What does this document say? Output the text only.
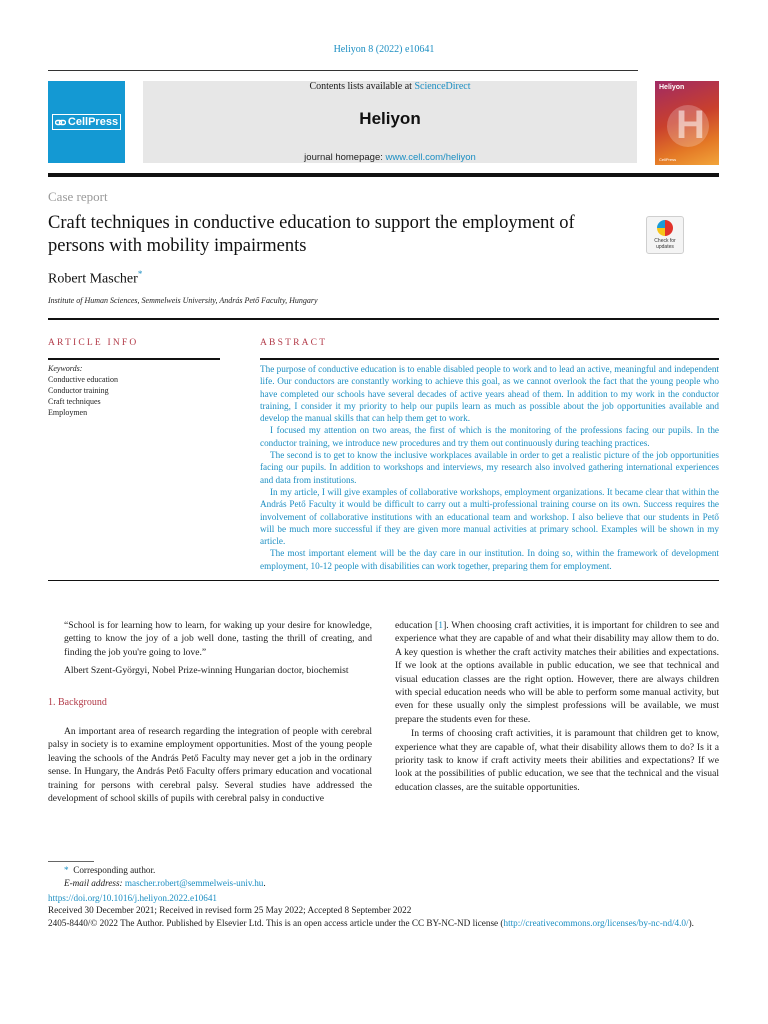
Heliyon 8 (2022) e10641
CellPress
Contents lists available at ScienceDirect
Heliyon
journal homepage: www.cell.com/heliyon
Heliyon
H
CellPress
Case report
Craft techniques in conductive education to support the employment of persons with mobility impairments	Check for updates
Robert Mascher*
Institute of Human Sciences, Semmelweis University, András Pető Faculty, Hungary
ARTICLE INFO	ABSTRACT
Keywords:
Conductive education
Conductor training
Craft techniques
Employmen

The purpose of conductive education is to enable disabled people to work and to lead an active, meaningful and independent life. Our conductors are constantly working to achieve this goal, as we cannot overlook the fact that the young people who have completed our schools have several decades of active years ahead of them. In addition to my work in the conductor training, I consider it my priority to help our pupils learn as much as possible about the job opportunities available and develop the manual skills that can help them get to work.

I focused my attention on two areas, the first of which is the monitoring of the professions facing our pupils. In the conductor training, we introduce new procedures and try them out continuously during teaching practices.

The second is to get to know the inclusive workplaces available in order to get a realistic picture of the job opportunities facing our pupils. In addition to workshops and interviews, my research also involved gathering international experiences and data from institutions.

In my article, I will give examples of collaborative workshops, employment organizations. It became clear that within the András Pető Faculty it would be difficult to carry out a multi-professional training course on its own. Success requires the involvement of collaborative institutions with an educational team and workshop. I also believe that our students in Pető will be much more successful if they are given more manual activities at primary school. Examples will be shown in my article.

The most important element will be the day care in our institution. In doing so, within the framework of development employment, 10-12 people with disabilities can work together, preparing them for employment.

“School is for learning how to learn, for waking up your desire for knowledge, getting to know the joy of a job well done, tasting the thrill of creating, and finding the job you're going to love.”

Albert Szent-Györgyi, Nobel Prize-winning Hungarian doctor, biochemist

1. Background

An important area of research regarding the integration of people with cerebral palsy in society is to examine employment opportunities. Most of the young people leaving the schools of the András Pető Faculty may never get a job in the ordinary sense. In Hungary, the András Pető Faculty offers primary education and vocational training for persons with cerebral palsy. Several studies have addressed the development of school skills of pupils with cerebral palsy in conductive

education [1]. When choosing craft activities, it is important for children to see and experience what they are capable of and what their disability may allow them to do. A key question is whether the craft activity matches their abilities and expectations. If we look at the options available in public education, we see that technical and visual education classes are the right option. However, there are always children with special education needs who will be able to perform some manual activity, but even for these usually only the simplest professions will be available, we must prepare the students even for these.

In terms of choosing craft activities, it is paramount that children get to know, experience what they are capable of, what their disability allows them to do? Is it a priority task to know if craft activity meets their abilities and expectations? If we look at the possibilities of public education, we see that the technical and the visual education classes, are the suitable opportunities.

* Corresponding author.

E-mail address: mascher.robert@semmelweis-univ.hu.

https://doi.org/10.1016/j.heliyon.2022.e10641

Received 30 December 2021; Received in revised form 25 May 2022; Accepted 8 September 2022

2405-8440/© 2022 The Author. Published by Elsevier Ltd. This is an open access article under the CC BY-NC-ND license (http://creativecommons.org/licenses/by-nc-nd/4.0/).
